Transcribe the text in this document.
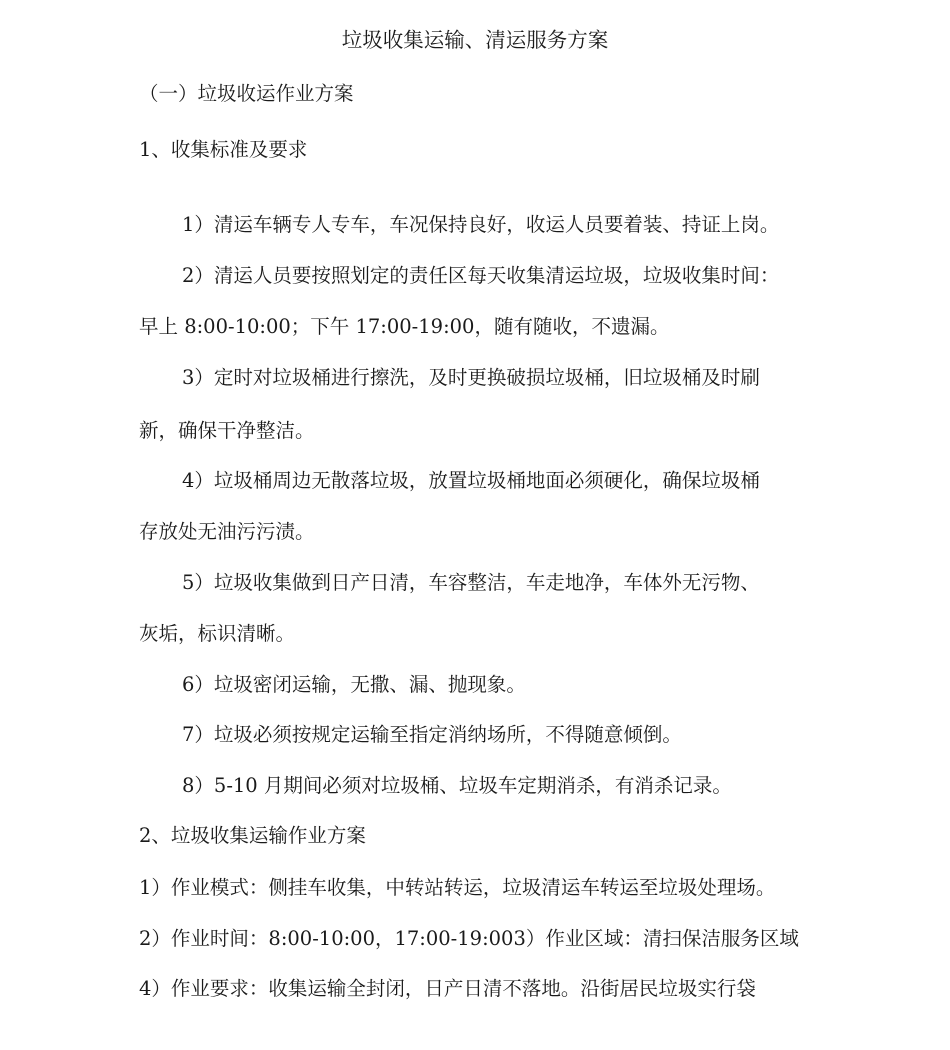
垃圾收集运输、清运服务方案
（一）垃圾收运作业方案
1、收集标准及要求
1）清运车辆专人专车，车况保持良好，收运人员要着装、持证上岗。
2）清运人员要按照划定的责任区每天收集清运垃圾，垃圾收集时间：
早上 8:00-10:00；下午 17:00-19:00，随有随收，不遗漏。
3）定时对垃圾桶进行擦洗，及时更换破损垃圾桶，旧垃圾桶及时刷
新，确保干净整洁。
4）垃圾桶周边无散落垃圾，放置垃圾桶地面必须硬化，确保垃圾桶
存放处无油污污渍。
5）垃圾收集做到日产日清，车容整洁，车走地净，车体外无污物、
灰垢，标识清晰。
6）垃圾密闭运输，无撒、漏、抛现象。
7）垃圾必须按规定运输至指定消纳场所，不得随意倾倒。
8）5-10 月期间必须对垃圾桶、垃圾车定期消杀，有消杀记录。
2、垃圾收集运输作业方案
1）作业模式：侧挂车收集，中转站转运，垃圾清运车转运至垃圾处理场。
2）作业时间：8:00-10:00，17:00-19:003）作业区域：清扫保洁服务区域
4）作业要求：收集运输全封闭，日产日清不落地。沿街居民垃圾实行袋
